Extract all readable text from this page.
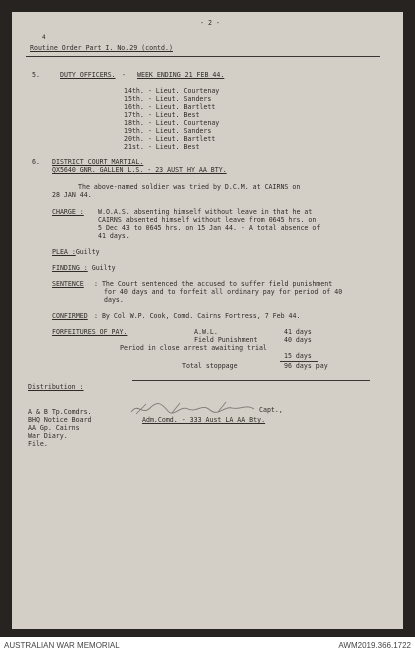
- 2 -
4
Routine Order Part I. No.29 (contd.)
5.	DUTY OFFICERS. - WEEK ENDING 21 FEB 44.
14th. - Lieut. Courtenay
15th. - Lieut. Sanders
16th. - Lieut. Bartlett
17th. - Lieut. Best
18th. - Lieut. Courtenay
19th. - Lieut. Sanders
20th. - Lieut. Bartlett
21st. - Lieut. Best
6. DISTRICT COURT MARTIAL.
QX5640 GNR. GALLEN L.S. - 23 AUST HY AA BTY.
The above-named soldier was tried by D.C.M. at CAIRNS on
28 JAN 44.
CHARGE : W.O.A.S. absenting himself without leave in that he at
CAIRNS absented himself without leave from 0645 hrs. on
5 Dec 43 to 0645 hrs. on 15 Jan 44. - A total absence of
41 days.
PLEA :Guilty
FINDING : Guilty
SENTENCE : The Court sentenced the accused to suffer field punishment
for 40 days and to forfeit all ordinary pay for period of 40
days.
CONFIRMED : By Col W.P. Cook, Comd. Cairns Fortress, 7 Feb 44.
FORFEITURES OF PAY.	A.W.L.	41 days
Field Punishment	40 days
Period in close arrest awaiting trial
15 days
Total stoppage	96 days pay
Distribution :
A & B Tp.Comdrs.
BHQ Notice Board
AA Gp. Cairns
War Diary.
File.
Capt.,
Adm.Comd. - 333 Aust LA AA Bty.
AUSTRALIAN WAR MEMORIAL	AWM2019.366.1722
